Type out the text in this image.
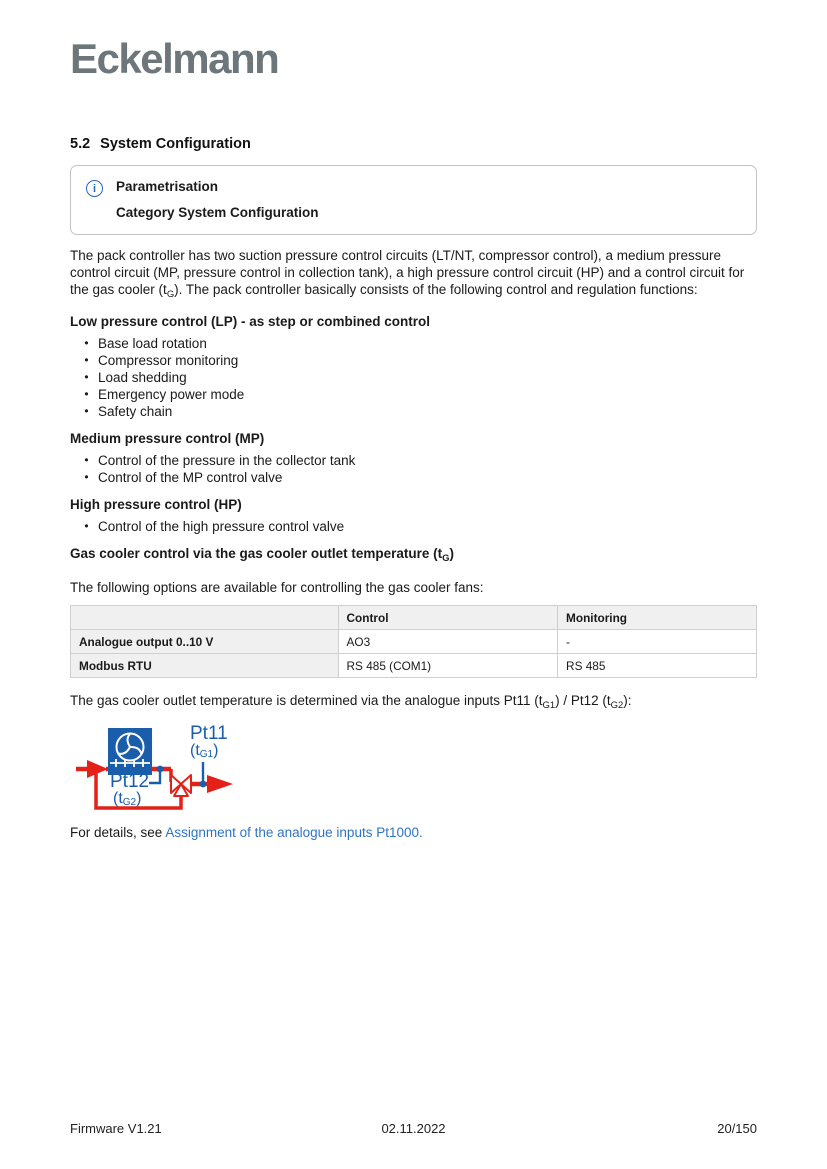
Eckelmann
5.2 System Configuration
i Parametrisation
Category System Configuration
The pack controller has two suction pressure control circuits (LT/NT, compressor control), a medium pressure control circuit (MP, pressure control in collection tank), a high pressure control circuit (HP) and a control circuit for the gas cooler $(t_G)$. The pack controller basically consists of the following control and regulation functions:
Low pressure control (LP) - as step or combined control
• Base load rotation
• Compressor monitoring
• Load shedding
• Emergency power mode
• Safety chain
Medium pressure control (MP)
• Control of the pressure in the collector tank
• Control of the MP control valve
High pressure control (HP)
• Control of the high pressure control valve
Gas cooler control via the gas cooler outlet temperature $(t_G)$
The following options are available for controlling the gas cooler fans:
	Control	Monitoring
Analogue output 0..10 V	AO3	-
Modbus RTU	RS 485 (COM1)	RS 485
The gas cooler outlet temperature is determined via the analogue inputs Pt11 $(t_{G1}) / Pt12$ $(t_{G2})$:
Pt11
(tG1)
Pt12
(tG2)
For details, see Assignment of the analogue inputs Pt1000.
02.11.2022
Firmware V1.21	20/150
